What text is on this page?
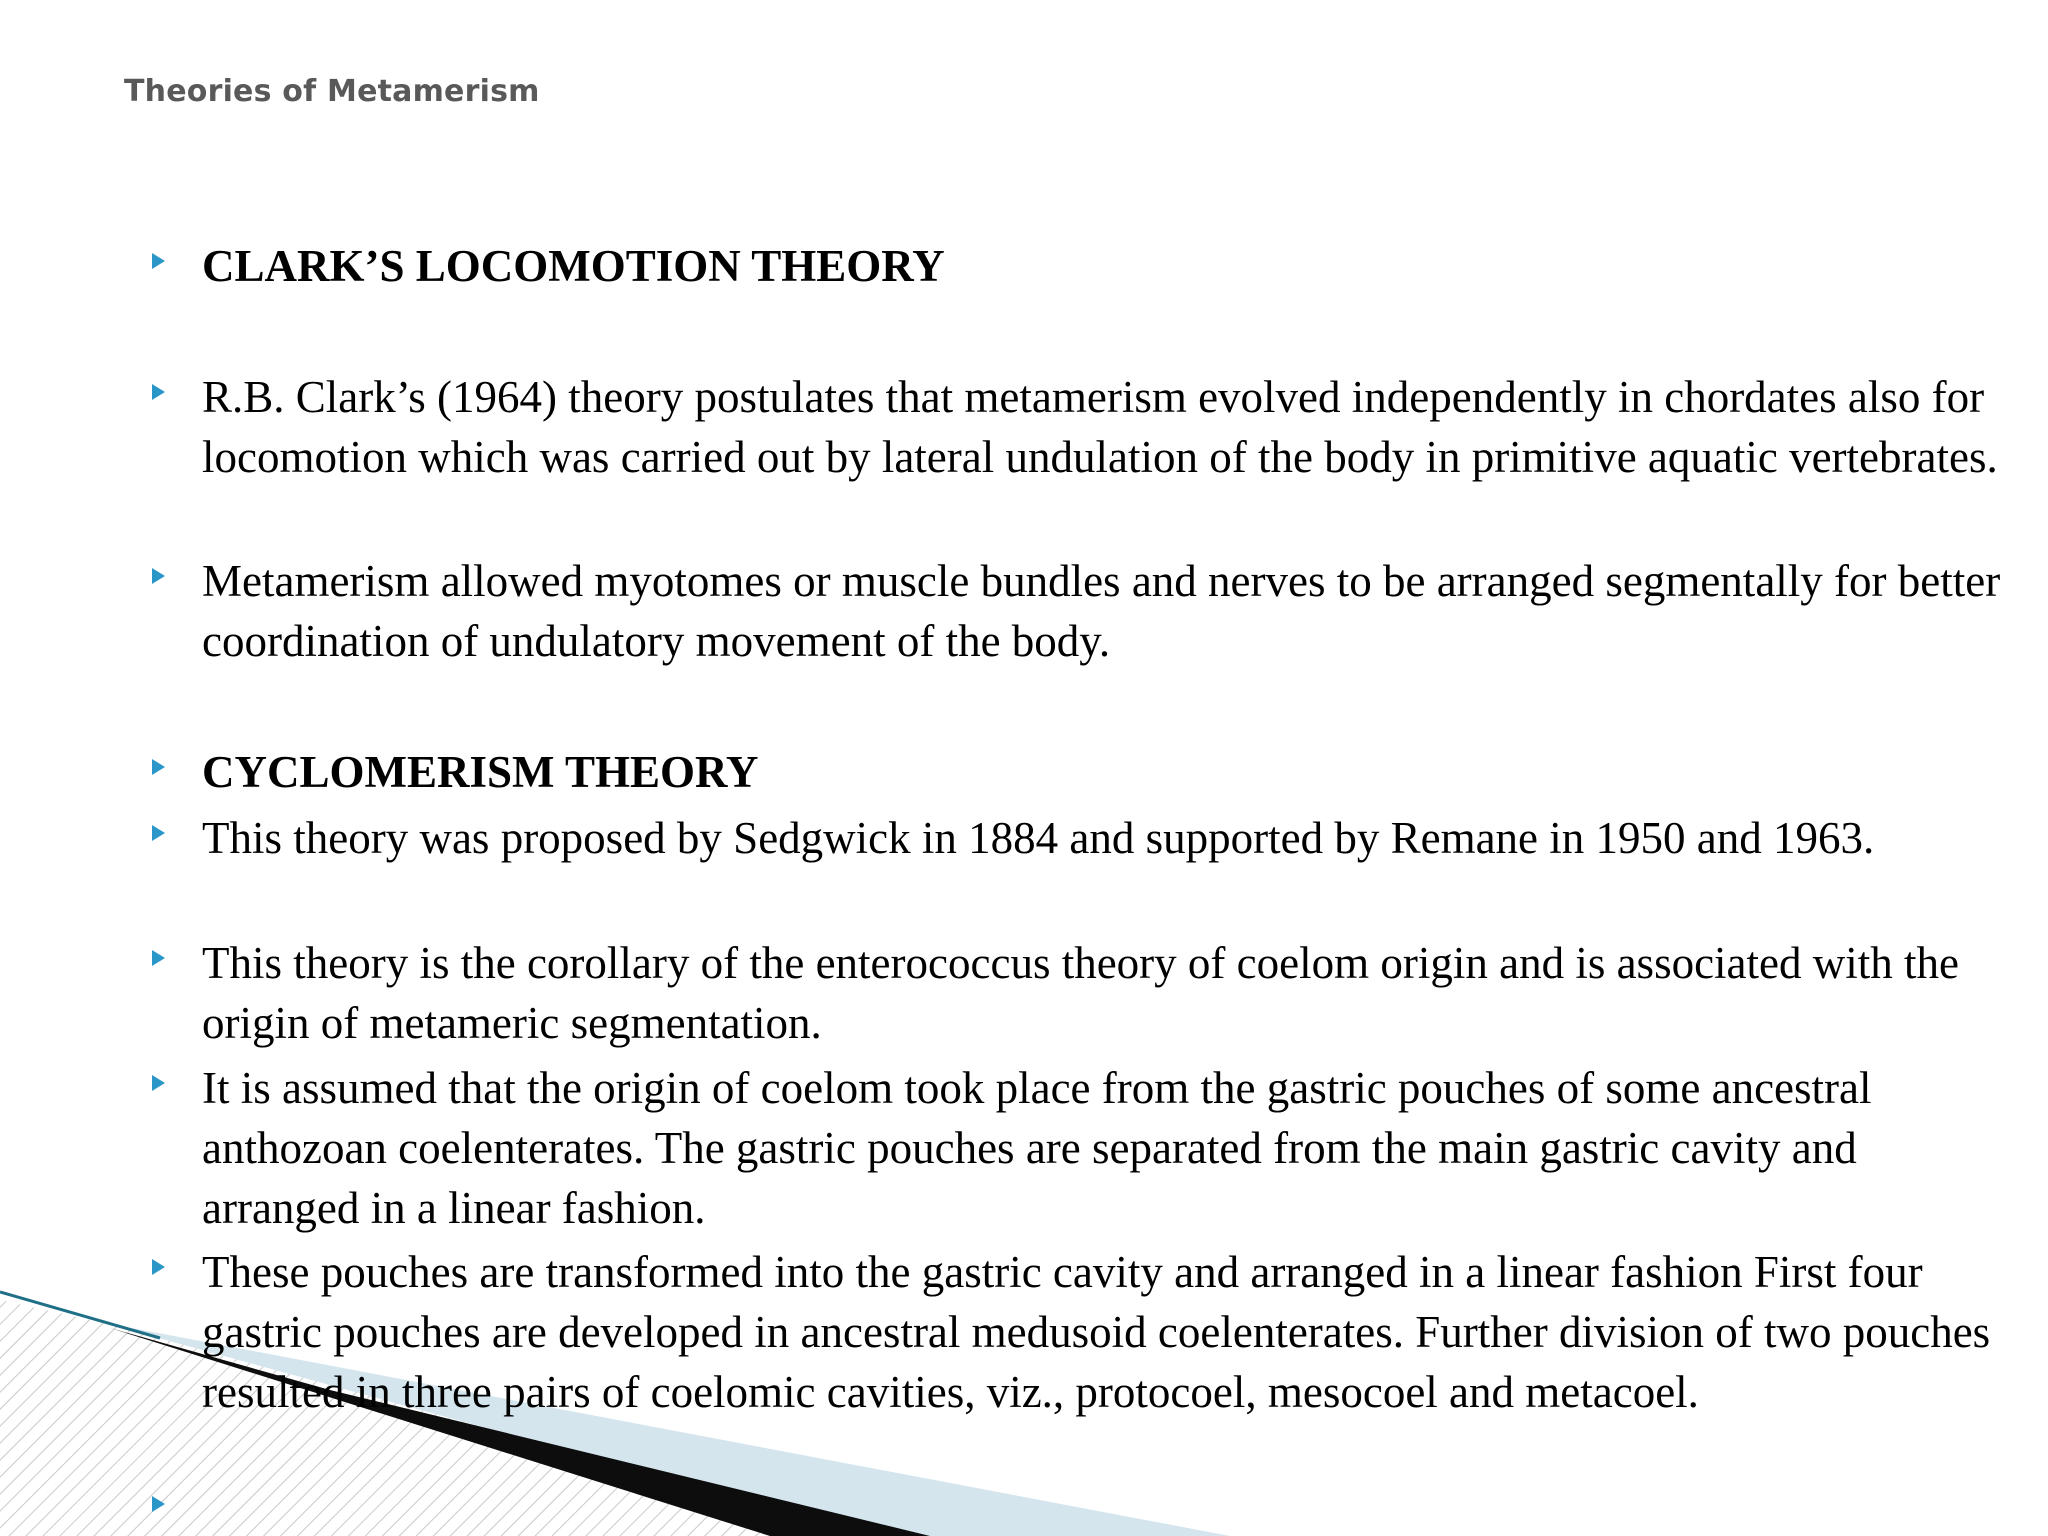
Theories of Metamerism

CLARK’S LOCOMOTION THEORY

R.B. Clark’s (1964) theory postulates that metamerism evolved independently in chordates also for locomotion which was carried out by lateral undulation of the body in primitive aquatic vertebrates.

Metamerism allowed myotomes or muscle bundles and nerves to be arranged segmentally for better coordination of undulatory movement of the body.

CYCLOMERISM THEORY

This theory was proposed by Sedgwick in 1884 and supported by Remane in 1950 and 1963.

This theory is the corollary of the enterococcus theory of coelom origin and is associated with the origin of metameric segmentation.

It is assumed that the origin of coelom took place from the gastric pouches of some ancestral anthozoan coelenterates. The gastric pouches are separated from the main gastric cavity and arranged in a linear fashion.

These pouches are transformed into the gastric cavity and arranged in a linear fashion First four gastric pouches are developed in ancestral medusoid coelenterates. Further division of two pouches resulted in three pairs of coelomic cavities, viz., protocoel, mesocoel and metacoel.
